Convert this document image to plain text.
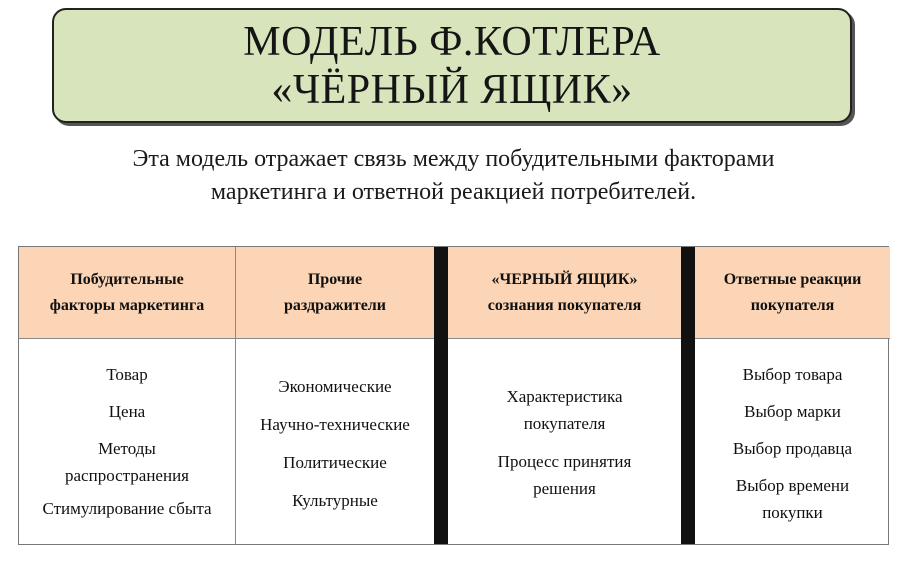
МОДЕЛЬ Ф.КОТЛЕРА
«ЧЁРНЫЙ ЯЩИК»
Эта модель отражает связь между побудительными факторами
маркетинга и ответной реакцией потребителей.
Побудительные
факторы маркетинга
Прочие
раздражители
«ЧЕРНЫЙ ЯЩИК»
сознания покупателя
Ответные реакции
покупателя
Товар
Цена
Методы
распространения
Стимулирование сбыта
Экономические
Научно-технические
Политические
Культурные
Характеристика
покупателя
Процесс принятия
решения
Выбор товара
Выбор марки
Выбор продавца
Выбор времени
покупки
